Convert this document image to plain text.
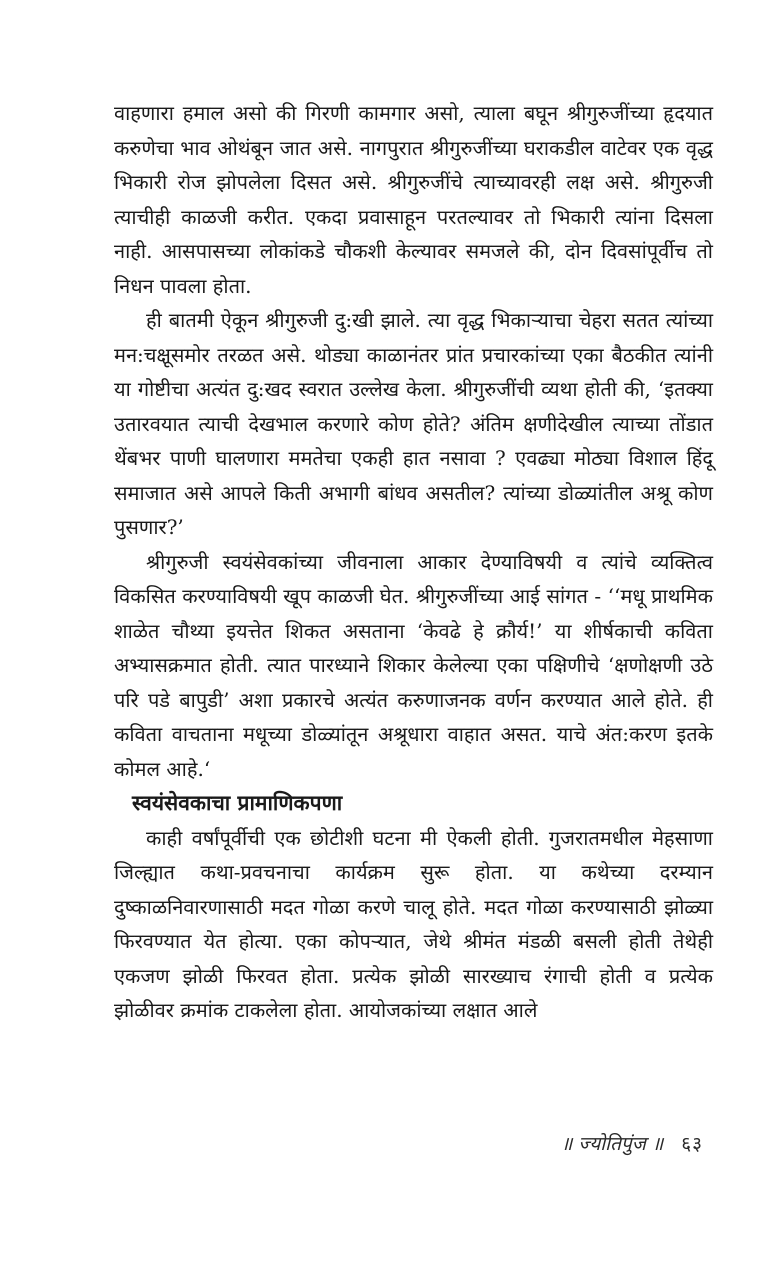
वाहणारा हमाल असो की गिरणी कामगार असो, त्याला बघून श्रीगुरुजींच्या हृदयात करुणेचा भाव ओथंबून जात असे. नागपुरात श्रीगुरुजींच्या घराकडील वाटेवर एक वृद्ध भिकारी रोज झोपलेला दिसत असे. श्रीगुरुजींचे त्याच्यावरही लक्ष असे. श्रीगुरुजी त्याचीही काळजी करीत. एकदा प्रवासाहून परतल्यावर तो भिकारी त्यांना दिसला नाही. आसपासच्या लोकांकडे चौकशी केल्यावर समजले की, दोन दिवसांपूर्वीच तो निधन पावला होता.

ही बातमी ऐकून श्रीगुरुजी दु:खी झाले. त्या वृद्ध भिकाऱ्याचा चेहरा सतत त्यांच्या मन:चक्षूसमोर तरळत असे. थोड्या काळानंतर प्रांत प्रचारकांच्या एका बैठकीत त्यांनी या गोष्टीचा अत्यंत दु:खद स्वरात उल्लेख केला. श्रीगुरुजींची व्यथा होती की, ‘इतक्या उतारवयात त्याची देखभाल करणारे कोण होते? अंतिम क्षणीदेखील त्याच्या तोंडात थेंबभर पाणी घालणारा ममतेचा एकही हात नसावा ? एवढ्या मोठ्या विशाल हिंदू समाजात असे आपले किती अभागी बांधव असतील? त्यांच्या डोळ्यांतील अश्रू कोण पुसणार?’

श्रीगुरुजी स्वयंसेवकांच्या जीवनाला आकार देण्याविषयी व त्यांचे व्यक्तित्व विकसित करण्याविषयी खूप काळजी घेत. श्रीगुरुजींच्या आई सांगत - ‘‘मधू प्राथमिक शाळेत चौथ्या इयत्तेत शिकत असताना ‘केवढे हे क्रौर्य!’ या शीर्षकाची कविता अभ्यासक्रमात होती. त्यात पारध्याने शिकार केलेल्या एका पक्षिणीचे ‘क्षणोक्षणी उठे परि पडे बापुडी’ अशा प्रकारचे अत्यंत करुणाजनक वर्णन करण्यात आले होते. ही कविता वाचताना मधूच्या डोळ्यांतून अश्रूधारा वाहात असत. याचे अंत:करण इतके कोमल आहे.‘

स्वयंसेवकाचा प्रामाणिकपणा

काही वर्षांपूर्वीची एक छोटीशी घटना मी ऐकली होती. गुजरातमधील मेहसाणा जिल्ह्यात कथा-प्रवचनाचा कार्यक्रम सुरू होता. या कथेच्या दरम्यान दुष्काळनिवारणासाठी मदत गोळा करणे चालू होते. मदत गोळा करण्यासाठी झोळ्या फिरवण्यात येत होत्या. एका कोपऱ्यात, जेथे श्रीमंत मंडळी बसली होती तेथेही एकजण झोळी फिरवत होता. प्रत्येक झोळी सारख्याच रंगाची होती व प्रत्येक झोळीवर क्रमांक टाकलेला होता. आयोजकांच्या लक्षात आले

॥ ज्योतिपुंज ॥ ६३
